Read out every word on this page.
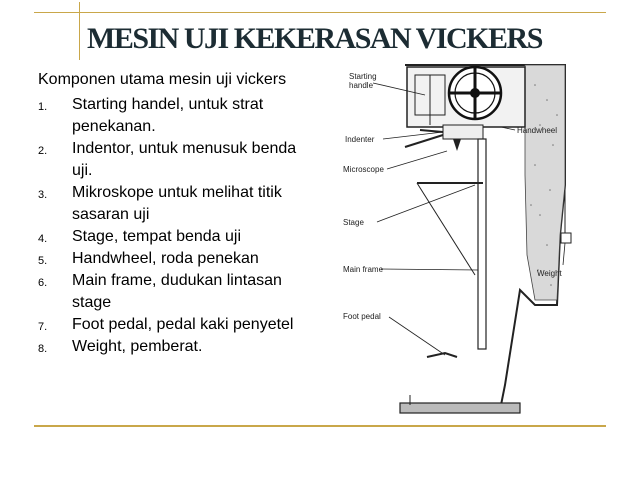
MESIN UJI KEKERASAN VICKERS
Komponen utama mesin uji vickers
1. Starting handel, untuk strat
penekanan.
2. Indentor, untuk menusuk benda
uji.
3. Mikroskope untuk melihat titik
sasaran uji
4. Stage, tempat benda uji
5. Handwheel, roda penekan
6. Main frame, dudukan lintasan
stage
7. Foot pedal, pedal kaki penyetel
8. Weight, pemberat.
Starting
handle
Indenter
Microscope
Stage
Main frame
Foot pedal
Handwheel
Weight
